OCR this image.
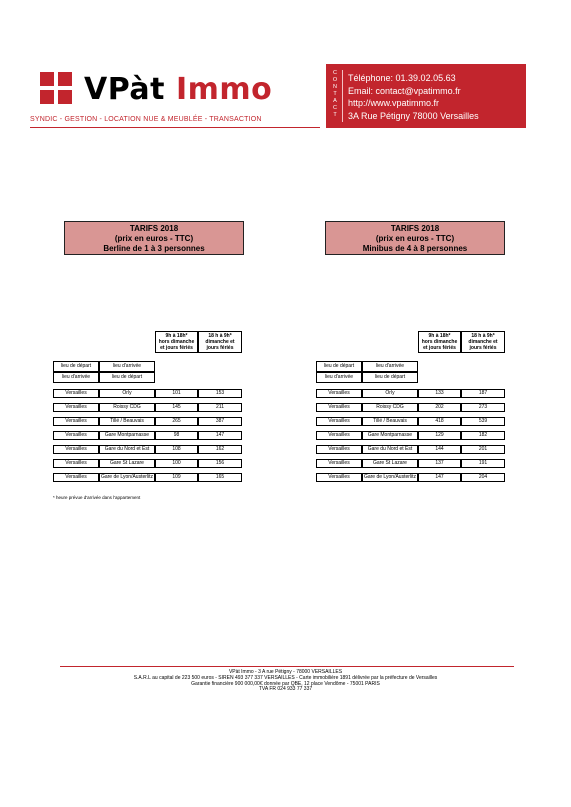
VPàt Immo
SYNDIC - GESTION - LOCATION NUE & MEUBLÉE - TRANSACTION
C
O
N
T
A
C
T
Téléphone: 01.39.02.05.63
Email: contact@vpatimmo.fr
http://www.vpatimmo.fr
3A Rue Pétigny 78000 Versailles
TARIFS 2018
(prix en euros - TTC)
Berline de 1 à 3 personnes
TARIFS 2018
(prix en euros - TTC)
Minibus de 4 à 8 personnes
9h à 18h*
hors dimanche et jours fériés
18 h à 9h*
dimanche et jours fériés
lieu de départ	lieu d'arrivée
lieu d'arrivée	lieu de départ
Versailles	Orly	101	153
Versailles	Roissy CDG	145	211
Versailles	Tillé / Beauvais	265	387
Versailles	Gare Montparnasse	98	147
Versailles	Gare du Nord et Est	108	162
Versailles	Gare St Lazare	100	156
Versailles	Gare de Lyon/Austerlitz	109	165
9h à 18h*
hors dimanche et jours fériés
18 h à 9h*
dimanche et jours fériés
lieu de départ	lieu d'arrivée
lieu d'arrivée	lieu de départ
Versailles	Orly	133	187
Versailles	Roissy CDG	202	273
Versailles	Tillé / Beauvais	418	539
Versailles	Gare Montparnasse	129	182
Versailles	Gare du Nord et Est	144	201
Versailles	Gare St Lazare	137	191
Versailles	Gare de Lyon/Austerlitz	147	204
* heure prévue d'arrivée dans l'appartement
VPàt Immo - 3 A rue Pétigny - 78000 VERSAILLES
S.A.R.L au capital de 223 500 euros - SIREN 493 377 337 VERSAILLES - Carte immobilière 1891 délivrée par la préfecture de Versailles
Garantie financière 900 000,00€ donnée par QBE, 12 place Vendôme - 75001 PARIS
TVA FR 024 933 77 337
